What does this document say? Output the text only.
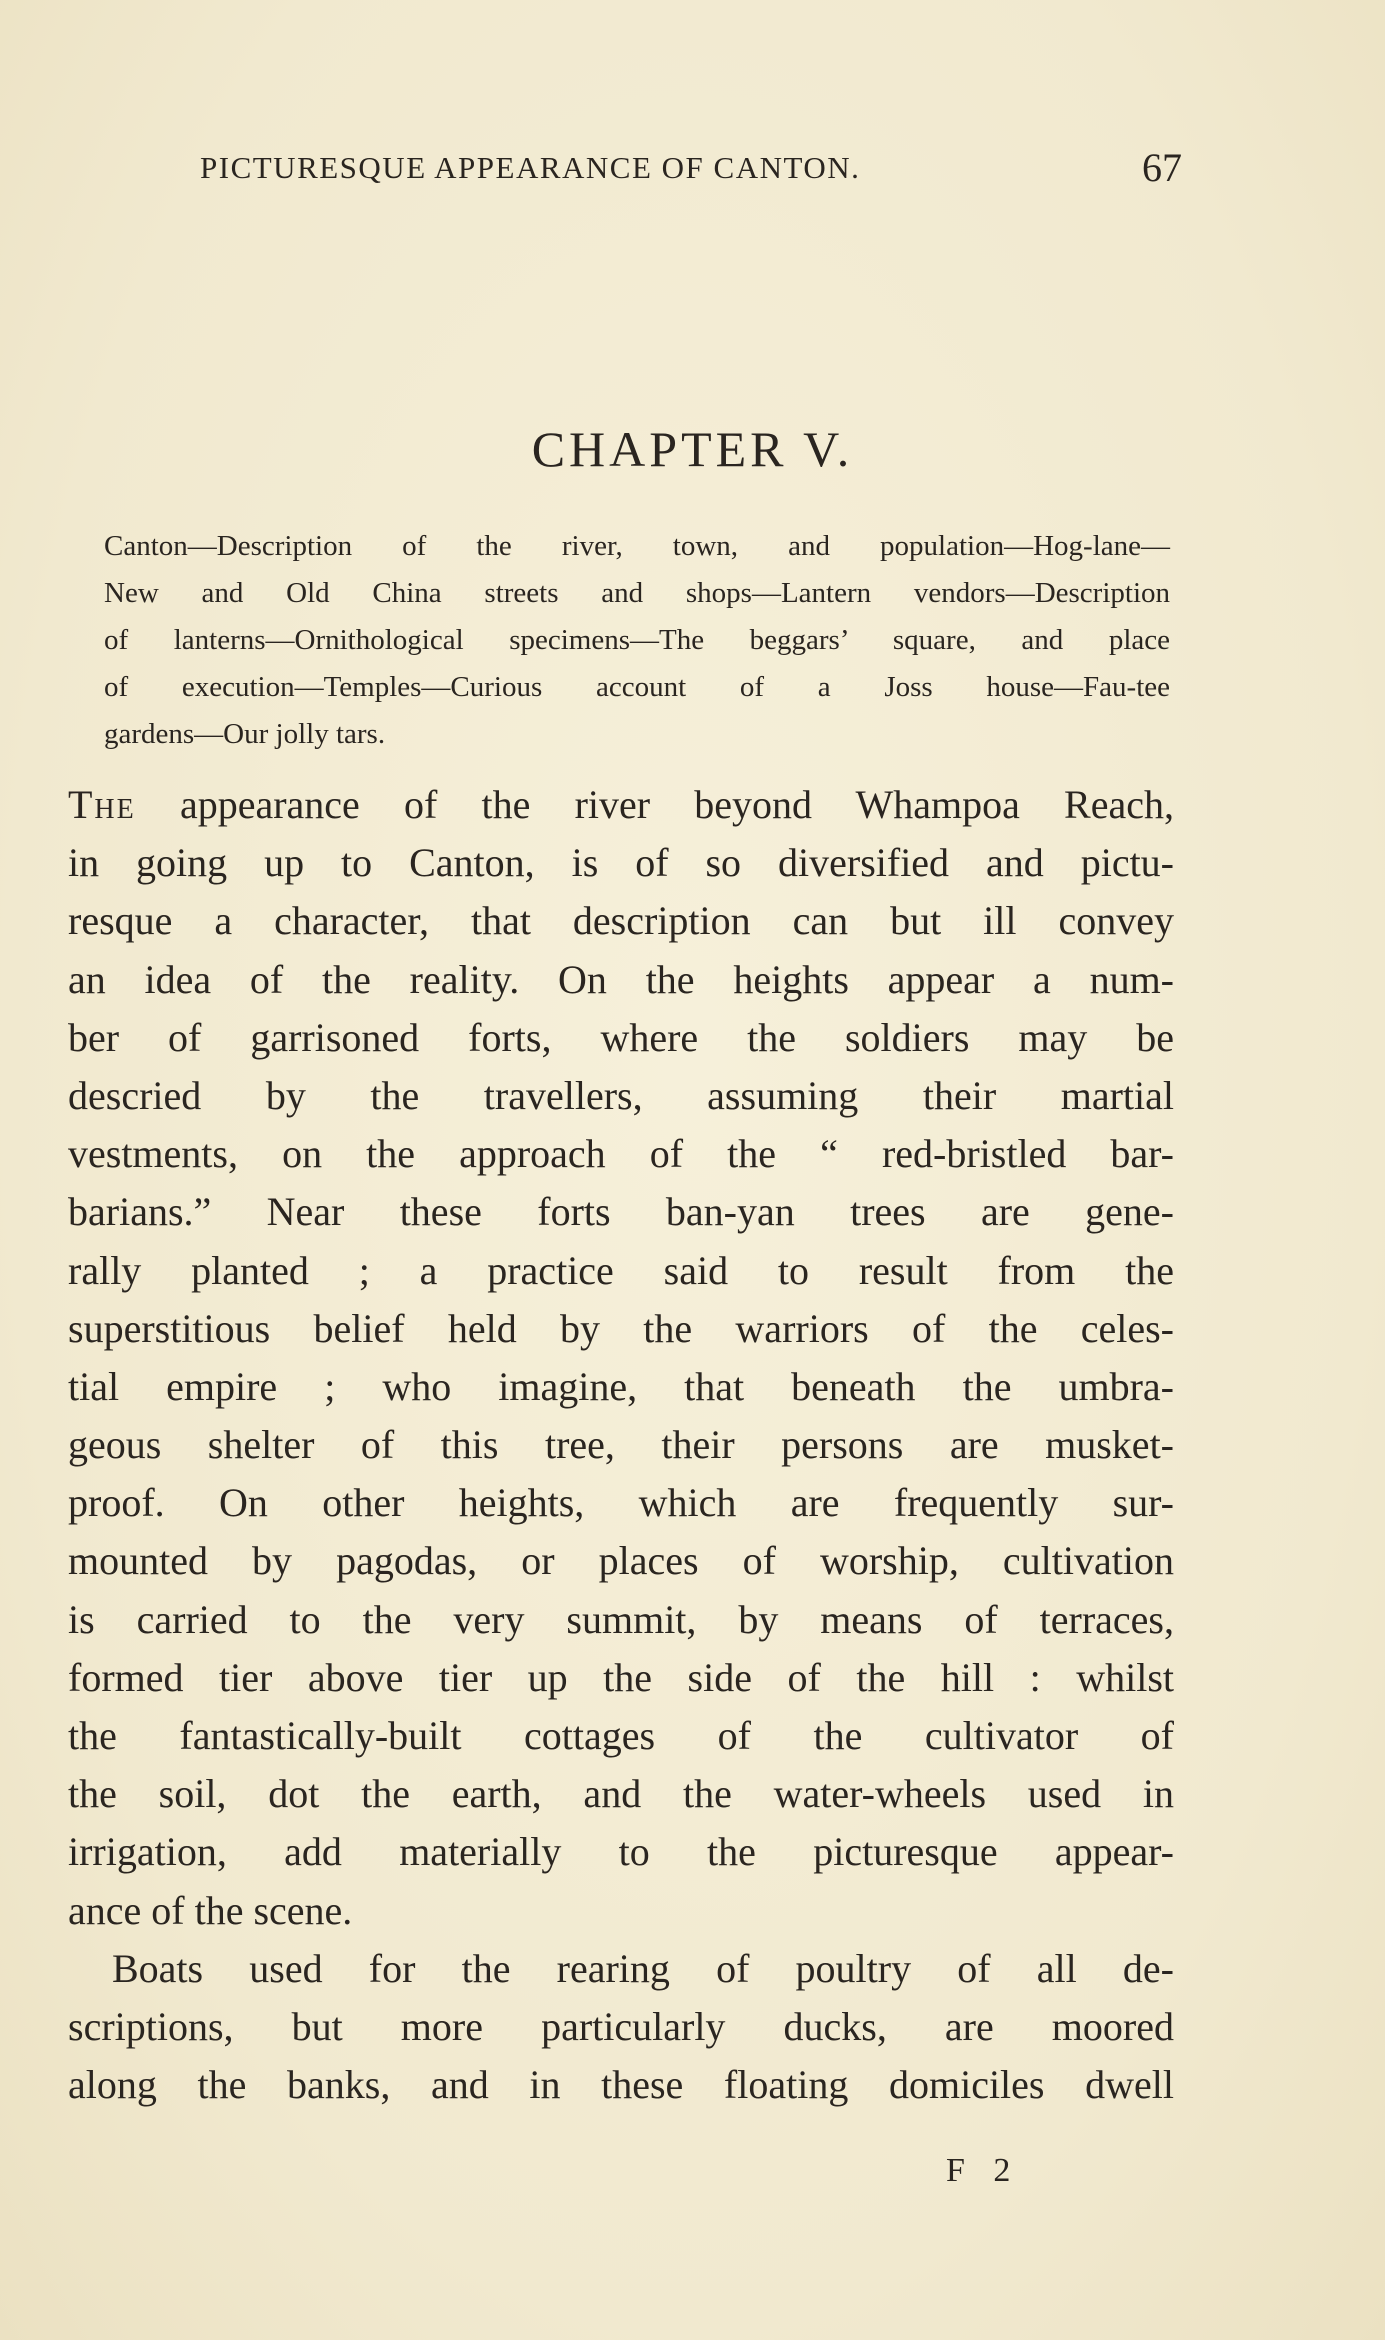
PICTURESQUE APPEARANCE OF CANTON.	67
CHAPTER V.
Canton—Description of the river, town, and population—Hog-lane—
New and Old China streets and shops—Lantern vendors—Description
of lanterns—Ornithological specimens—The beggars’ square, and place
of execution—Temples—Curious account of a Joss house—Fau-tee
gardens—Our jolly tars.
The appearance of the river beyond Whampoa Reach,
in going up to Canton, is of so diversified and pictu-
resque a character, that description can but ill convey
an idea of the reality. On the heights appear a num-
ber of garrisoned forts, where the soldiers may be
descried by the travellers, assuming their martial
vestments, on the approach of the “ red-bristled bar-
barians.” Near these forts ban-yan trees are gene-
rally planted ; a practice said to result from the
superstitious belief held by the warriors of the celes-
tial empire ; who imagine, that beneath the umbra-
geous shelter of this tree, their persons are musket-
proof. On other heights, which are frequently sur-
mounted by pagodas, or places of worship, cultivation
is carried to the very summit, by means of terraces,
formed tier above tier up the side of the hill : whilst
the fantastically-built cottages of the cultivator of
the soil, dot the earth, and the water-wheels used in
irrigation, add materially to the picturesque appear-
ance of the scene.
Boats used for the rearing of poultry of all de-
scriptions, but more particularly ducks, are moored
along the banks, and in these floating domiciles dwell
F 2
